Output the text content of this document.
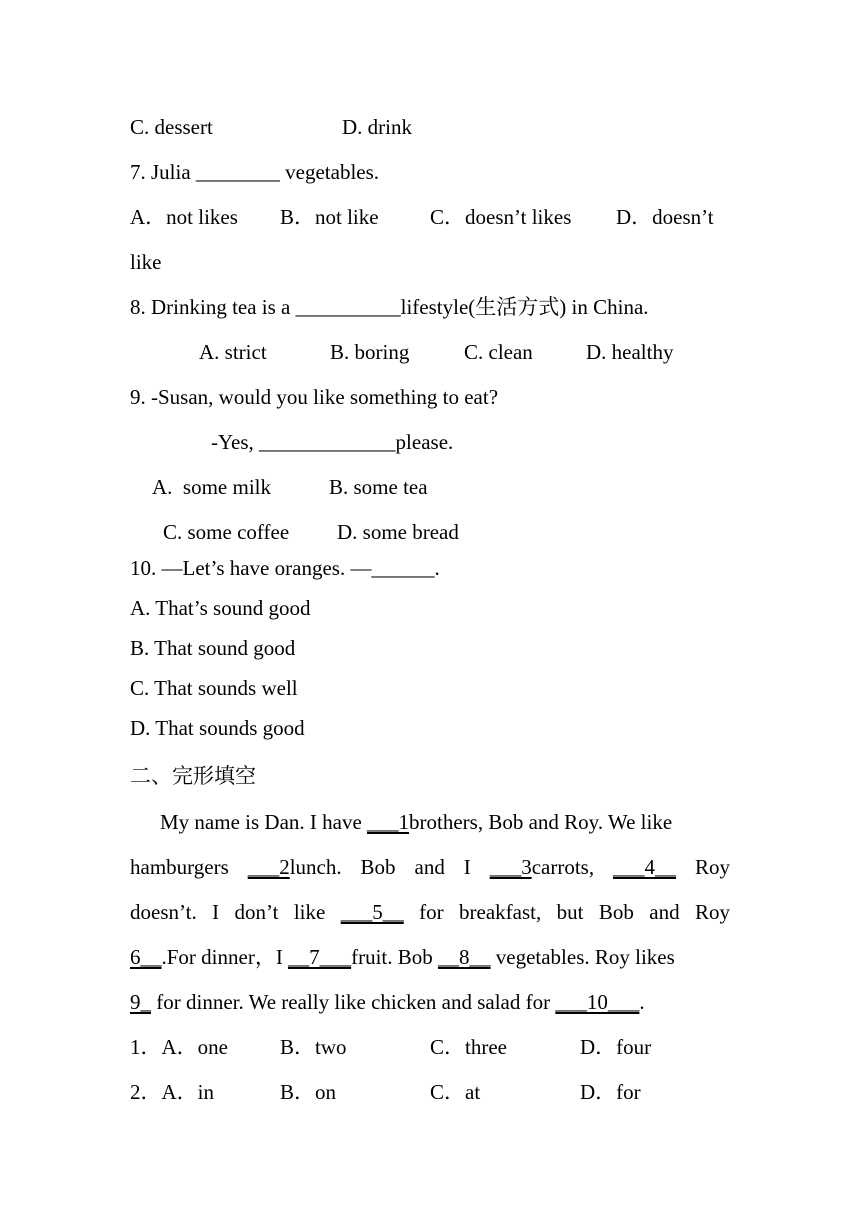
C. dessert	D. drink
7. Julia ________ vegetables.
A．not likes B．not like C．doesn’t likes D．doesn’t
like
8. Drinking tea is a __________lifestyle(生活方式) in China.
A. strict	B. boring	C. clean	D. healthy
9. -Susan, would you like something to eat?
-Yes, _____________please.
A.  some milk	B. some tea
C. some coffee D. some bread
10. —Let’s have oranges. —______.
A. That’s sound good
B. That sound good
C. That sounds well
D. That sounds good
二、完形填空
My name is Dan. I have ___1brothers, Bob and Roy. We like
hamburgers ___2lunch. Bob and I ___3carrots, ___4__ Roy
doesn’t. I don’t like ___5__ for breakfast, but Bob and Roy
6__.For dinner，I __7___fruit. Bob __8__ vegetables. Roy likes
9_ for dinner. We really like chicken and salad for ___10___.
1．A．one B．two	C．three	D．four
2．A．in	B．on	C．at	D．for
